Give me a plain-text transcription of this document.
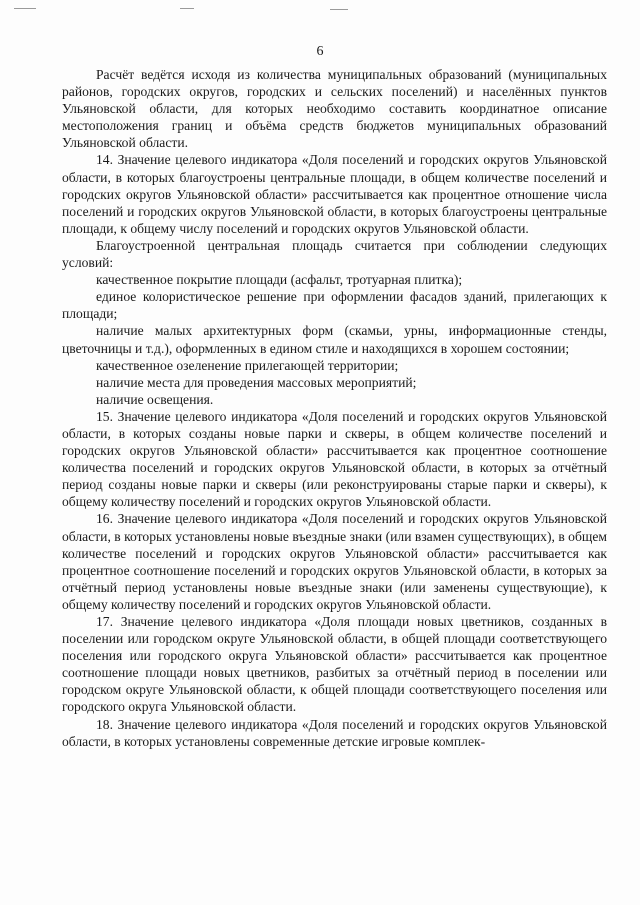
6

Расчёт ведётся исходя из количества муниципальных образований (муниципальных районов, городских округов, городских и сельских поселений) и населённых пунктов Ульяновской области, для которых необходимо составить координатное описание местоположения границ и объёма средств бюджетов муниципальных образований Ульяновской области.

14. Значение целевого индикатора «Доля поселений и городских округов Ульяновской области, в которых благоустроены центральные площади, в общем количестве поселений и городских округов Ульяновской области» рассчитывается как процентное отношение числа поселений и городских округов Ульяновской области, в которых благоустроены центральные площади, к общему числу поселений и городских округов Ульяновской области.

Благоустроенной центральная площадь считается при соблюдении следующих условий:

качественное покрытие площади (асфальт, тротуарная плитка);

единое колористическое решение при оформлении фасадов зданий, прилегающих к площади;

наличие малых архитектурных форм (скамьи, урны, информационные стенды, цветочницы и т.д.), оформленных в едином стиле и находящихся в хорошем состоянии;

качественное озеленение прилегающей территории;

наличие места для проведения массовых мероприятий;

наличие освещения.

15. Значение целевого индикатора «Доля поселений и городских округов Ульяновской области, в которых созданы новые парки и скверы, в общем количестве поселений и городских округов Ульяновской области» рассчитывается как процентное соотношение количества поселений и городских округов Ульяновской области, в которых за отчётный период созданы новые парки и скверы (или реконструированы старые парки и скверы), к общему количеству поселений и городских округов Ульяновской области.

16. Значение целевого индикатора «Доля поселений и городских округов Ульяновской области, в которых установлены новые въездные знаки (или взамен существующих), в общем количестве поселений и городских округов Ульяновской области» рассчитывается как процентное соотношение поселений и городских округов Ульяновской области, в которых за отчётный период установлены новые въездные знаки (или заменены существующие), к общему количеству поселений и городских округов Ульяновской области.

17. Значение целевого индикатора «Доля площади новых цветников, созданных в поселении или городском округе Ульяновской области, в общей площади соответствующего поселения или городского округа Ульяновской области» рассчитывается как процентное соотношение площади новых цветников, разбитых за отчётный период в поселении или городском округе Ульяновской области, к общей площади соответствующего поселения или городского округа Ульяновской области.

18. Значение целевого индикатора «Доля поселений и городских округов Ульяновской области, в которых установлены современные детские игровые комплек-
